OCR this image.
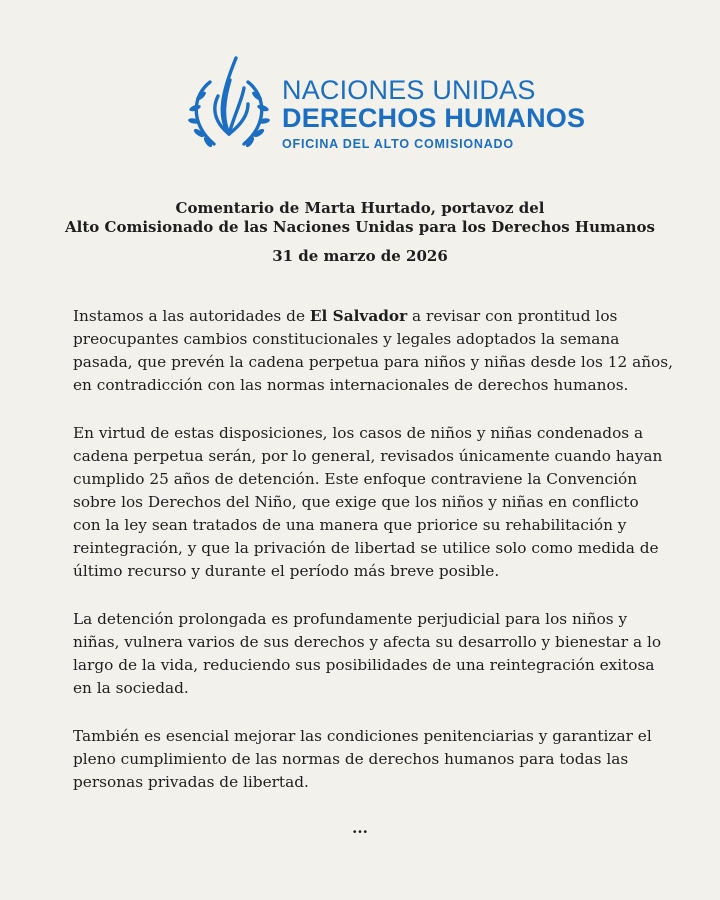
NACIONES UNIDAS
DERECHOS HUMANOS
OFICINA DEL ALTO COMISIONADO
Comentario de Marta Hurtado, portavoz del
Alto Comisionado de las Naciones Unidas para los Derechos Humanos
31 de marzo de 2026
Instamos a las autoridades de El Salvador a revisar con prontitud los
preocupantes cambios constitucionales y legales adoptados la semana
pasada, que prevén la cadena perpetua para niños y niñas desde los 12 años,
en contradicción con las normas internacionales de derechos humanos.
En virtud de estas disposiciones, los casos de niños y niñas condenados a
cadena perpetua serán, por lo general, revisados únicamente cuando hayan
cumplido 25 años de detención. Este enfoque contraviene la Convención
sobre los Derechos del Niño, que exige que los niños y niñas en conflicto
con la ley sean tratados de una manera que priorice su rehabilitación y
reintegración, y que la privación de libertad se utilice solo como medida de
último recurso y durante el período más breve posible.
La detención prolongada es profundamente perjudicial para los niños y
niñas, vulnera varios de sus derechos y afecta su desarrollo y bienestar a lo
largo de la vida, reduciendo sus posibilidades de una reintegración exitosa
en la sociedad.
También es esencial mejorar las condiciones penitenciarias y garantizar el
pleno cumplimiento de las normas de derechos humanos para todas las
personas privadas de libertad.
...
